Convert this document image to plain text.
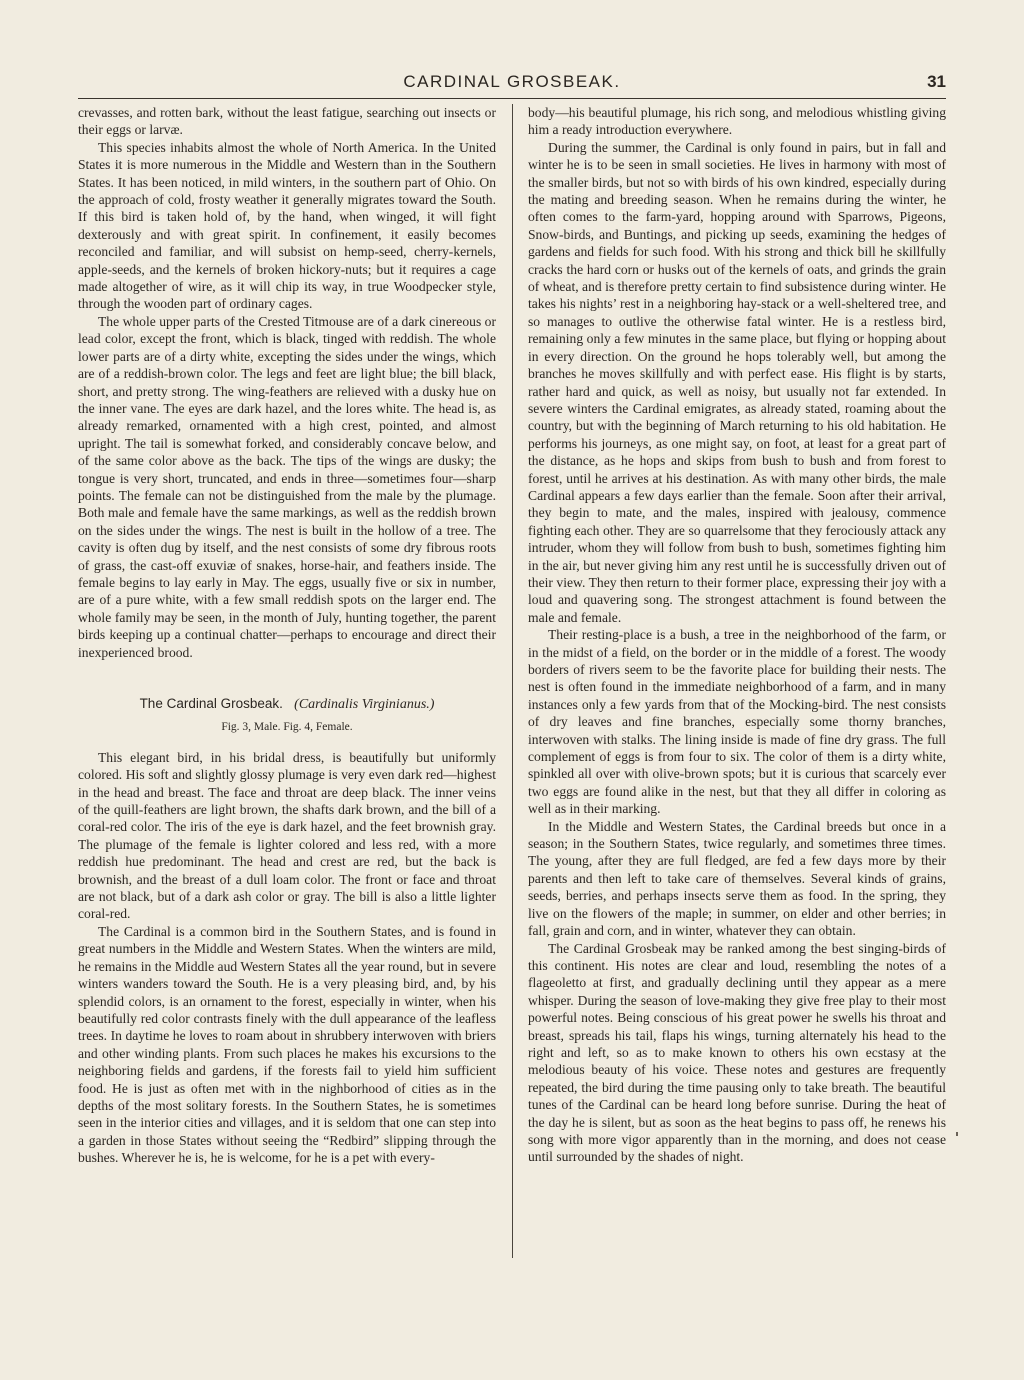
CARDINAL GROSBEAK.	31

crevasses, and rotten bark, without the least fatigue, searching out insects or their eggs or larvæ.

This species inhabits almost the whole of North America. In the United States it is more numerous in the Middle and Western than in the Southern States. It has been noticed, in mild winters, in the southern part of Ohio. On the approach of cold, frosty weather it generally migrates toward the South. If this bird is taken hold of, by the hand, when winged, it will fight dexterously and with great spirit. In confinement, it easily becomes reconciled and familiar, and will subsist on hemp-seed, cherry-kernels, apple-seeds, and the kernels of broken hickory-nuts; but it requires a cage made altogether of wire, as it will chip its way, in true Woodpecker style, through the wooden part of ordinary cages.

The whole upper parts of the Crested Titmouse are of a dark cinereous or lead color, except the front, which is black, tinged with reddish. The whole lower parts are of a dirty white, excepting the sides under the wings, which are of a reddish-brown color. The legs and feet are light blue; the bill black, short, and pretty strong. The wing-feathers are relieved with a dusky hue on the inner vane. The eyes are dark hazel, and the lores white. The head is, as already remarked, ornamented with a high crest, pointed, and almost upright. The tail is somewhat forked, and considerably concave below, and of the same color above as the back. The tips of the wings are dusky; the tongue is very short, truncated, and ends in three—sometimes four—sharp points. The female can not be distinguished from the male by the plumage. Both male and female have the same markings, as well as the reddish brown on the sides under the wings. The nest is built in the hollow of a tree. The cavity is often dug by itself, and the nest consists of some dry fibrous roots of grass, the cast-off exuviæ of snakes, horse-hair, and feathers inside. The female begins to lay early in May. The eggs, usually five or six in number, are of a pure white, with a few small reddish spots on the larger end. The whole family may be seen, in the month of July, hunting together, the parent birds keeping up a continual chatter—perhaps to encourage and direct their inexperienced brood.

The Cardinal Grosbeak. (Cardinalis Virginianus.)
Fig. 3, Male. Fig. 4, Female.

This elegant bird, in his bridal dress, is beautifully but uniformly colored. His soft and slightly glossy plumage is very even dark red—highest in the head and breast. The face and throat are deep black. The inner veins of the quill-feathers are light brown, the shafts dark brown, and the bill of a coral-red color. The iris of the eye is dark hazel, and the feet brownish gray. The plumage of the female is lighter colored and less red, with a more reddish hue predominant. The head and crest are red, but the back is brownish, and the breast of a dull loam color. The front or face and throat are not black, but of a dark ash color or gray. The bill is also a little lighter coral-red.

The Cardinal is a common bird in the Southern States, and is found in great numbers in the Middle and Western States. When the winters are mild, he remains in the Middle aud Western States all the year round, but in severe winters wanders toward the South. He is a very pleasing bird, and, by his splendid colors, is an ornament to the forest, especially in winter, when his beautifully red color contrasts finely with the dull appearance of the leafless trees. In daytime he loves to roam about in shrubbery interwoven with briers and other winding plants. From such places he makes his excursions to the neighboring fields and gardens, if the forests fail to yield him sufficient food. He is just as often met with in the nighborhood of cities as in the depths of the most solitary forests. In the Southern States, he is sometimes seen in the interior cities and villages, and it is seldom that one can step into a garden in those States without seeing the “Redbird” slipping through the bushes. Wherever he is, he is welcome, for he is a pet with every-

body—his beautiful plumage, his rich song, and melodious whistling giving him a ready introduction everywhere.

During the summer, the Cardinal is only found in pairs, but in fall and winter he is to be seen in small societies. He lives in harmony with most of the smaller birds, but not so with birds of his own kindred, especially during the mating and breeding season. When he remains during the winter, he often comes to the farm-yard, hopping around with Sparrows, Pigeons, Snow-birds, and Buntings, and picking up seeds, examining the hedges of gardens and fields for such food. With his strong and thick bill he skillfully cracks the hard corn or husks out of the kernels of oats, and grinds the grain of wheat, and is therefore pretty certain to find subsistence during winter. He takes his nights’ rest in a neighboring hay-stack or a well-sheltered tree, and so manages to outlive the otherwise fatal winter. He is a restless bird, remaining only a few minutes in the same place, but flying or hopping about in every direction. On the ground he hops tolerably well, but among the branches he moves skillfully and with perfect ease. His flight is by starts, rather hard and quick, as well as noisy, but usually not far extended. In severe winters the Cardinal emigrates, as already stated, roaming about the country, but with the beginning of March returning to his old habitation. He performs his journeys, as one might say, on foot, at least for a great part of the distance, as he hops and skips from bush to bush and from forest to forest, until he arrives at his destination. As with many other birds, the male Cardinal appears a few days earlier than the female. Soon after their arrival, they begin to mate, and the males, inspired with jealousy, commence fighting each other. They are so quarrelsome that they ferociously attack any intruder, whom they will follow from bush to bush, sometimes fighting him in the air, but never giving him any rest until he is successfully driven out of their view. They then return to their former place, expressing their joy with a loud and quavering song. The strongest attachment is found between the male and female.

Their resting-place is a bush, a tree in the neighborhood of the farm, or in the midst of a field, on the border or in the middle of a forest. The woody borders of rivers seem to be the favorite place for building their nests. The nest is often found in the immediate neighborhood of a farm, and in many instances only a few yards from that of the Mocking-bird. The nest consists of dry leaves and fine branches, especially some thorny branches, interwoven with stalks. The lining inside is made of fine dry grass. The full complement of eggs is from four to six. The color of them is a dirty white, spinkled all over with olive-brown spots; but it is curious that scarcely ever two eggs are found alike in the nest, but that they all differ in coloring as well as in their marking.

In the Middle and Western States, the Cardinal breeds but once in a season; in the Southern States, twice regularly, and sometimes three times. The young, after they are full fledged, are fed a few days more by their parents and then left to take care of themselves. Several kinds of grains, seeds, berries, and perhaps insects serve them as food. In the spring, they live on the flowers of the maple; in summer, on elder and other berries; in fall, grain and corn, and in winter, whatever they can obtain.

The Cardinal Grosbeak may be ranked among the best singing-birds of this continent. His notes are clear and loud, resembling the notes of a flageoletto at first, and gradually declining until they appear as a mere whisper. During the season of love-making they give free play to their most powerful notes. Being conscious of his great power he swells his throat and breast, spreads his tail, flaps his wings, turning alternately his head to the right and left, so as to make known to others his own ecstasy at the melodious beauty of his voice. These notes and gestures are frequently repeated, the bird during the time pausing only to take breath. The beautiful tunes of the Cardinal can be heard long before sunrise. During the heat of the day he is silent, but as soon as the heat begins to pass off, he renews his song with more vigor apparently than in the morning, and does not cease until surrounded by the shades of night.
